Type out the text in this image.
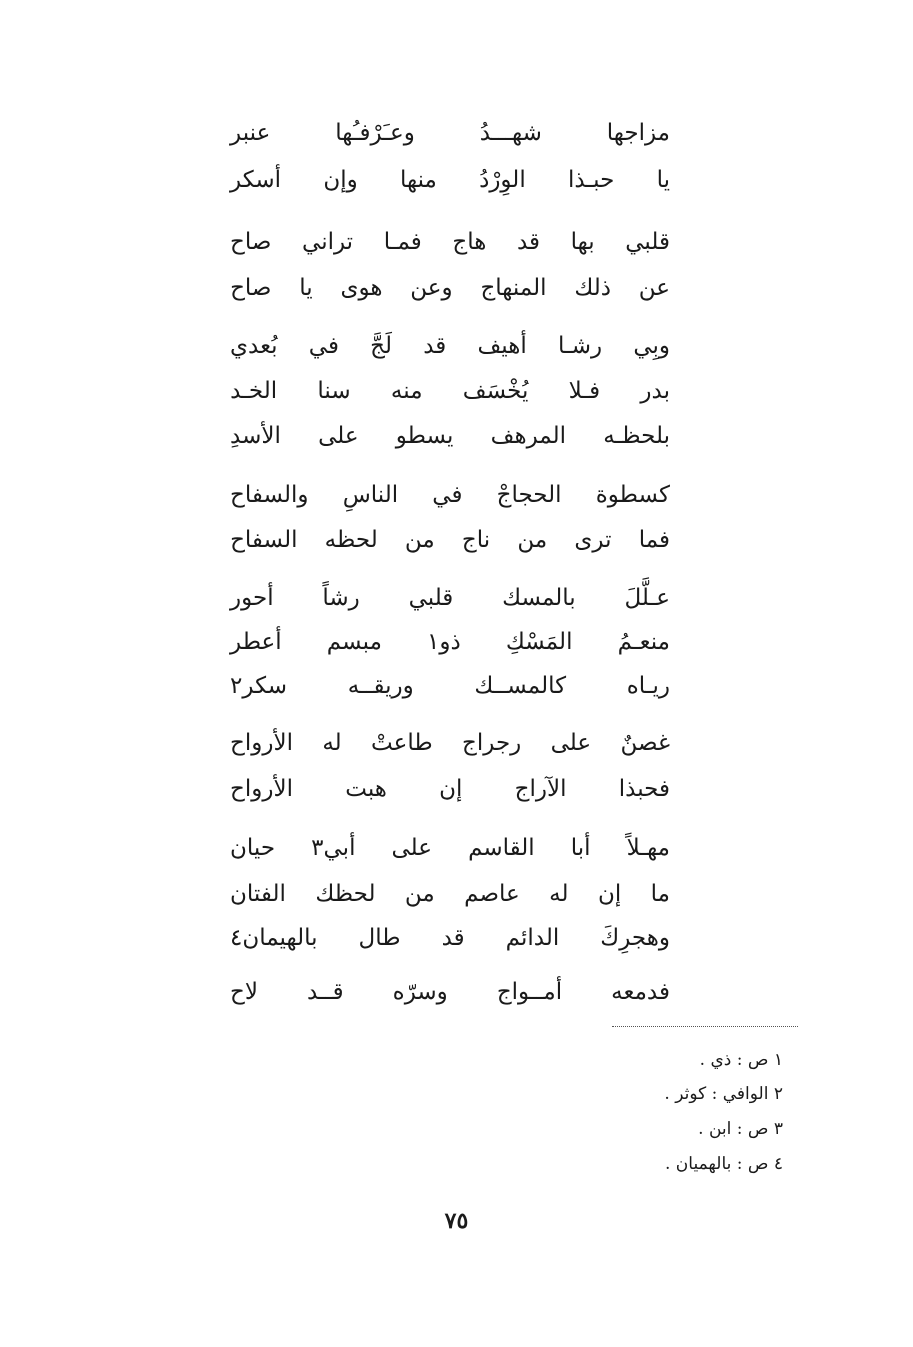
مزاجها
شهـــدُ
وعـَرْفـُها
عنبر
يا
حبـذا
الوِرْدُ
منها
وإن
أسكر
قلبي
بها
قد
هاج
فمـا
تراني
صاح
عن
ذلك
المنهاج
وعن
هوى
يا
صاح
وبِي
رشـا
أهيف
قد
لَجَّ
في
بُعدي
بدر
فـلا
يُخْسَف
منه
سنا
الخـد
بلحظـه
المرهف
يسطو
على
الأسدِ
كسطوة
الحجاجْ
في
الناسِ
والسفاح
فما
ترى
من
ناج
من
لحظه
السفاح
عـلَّلَ
بالمسك
قلبي
رشاً
أحور
منعـمُ
المَسْكِ
ذو١
مبسم
أعطر
ريـاه
كالمســك
وريقــه
سكر٢
غصنٌ
على
رجراج
طاعتْ
له
الأرواح
فحبذا
الآراج
إن
هبت
الأرواح
مهـلاً
أبا
القاسم
على
أبي٣
حيان
ما
إن
له
عاصم
من
لحظك
الفتان
وهجرِكَ
الدائم
قد
طال
بالهيمان٤
فدمعه
أمــواج
وسرّه
قــد
لاح
١ ص : ذي .
٢ الوافي : كوثر .
٣ ص : ابن .
٤ ص : بالهميان .
٧٥
